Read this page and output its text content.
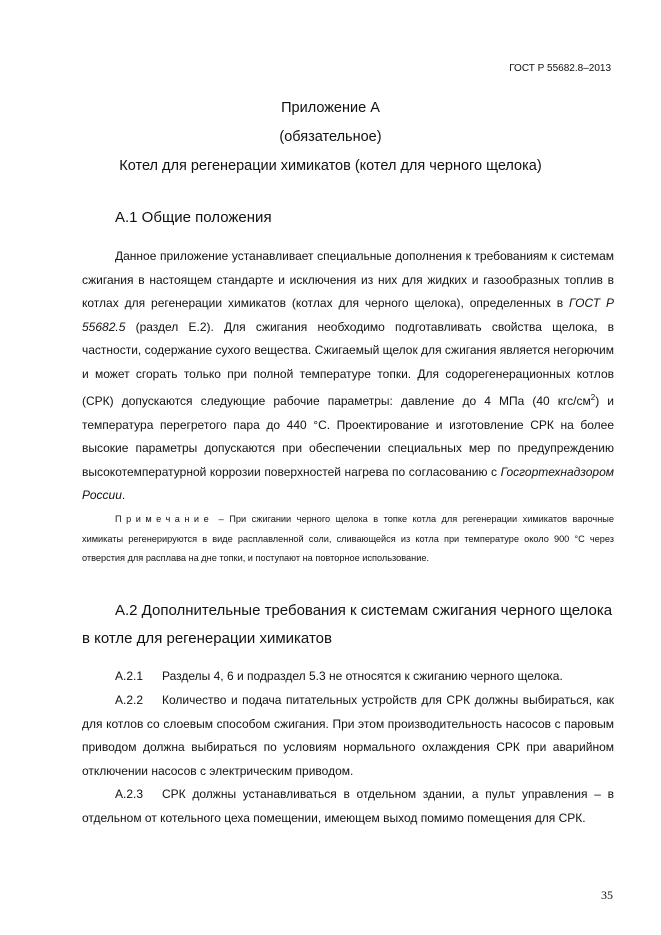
ГОСТ Р 55682.8–2013
Приложение А
(обязательное)
Котел для регенерации химикатов (котел для черного щелока)
А.1 Общие положения
Данное приложение устанавливает специальные дополнения к требованиям к системам сжигания в настоящем стандарте и исключения из них для жидких и газообразных топлив в котлах для регенерации химикатов (котлах для черного щелока), определенных в ГОСТ Р 55682.5 (раздел Е.2). Для сжигания необходимо подготавливать свойства щелока, в частности, содержание сухого вещества. Сжигаемый щелок для сжигания является негорючим и может сгорать только при полной температуре топки. Для содорегенерационных котлов (СРК) допускаются следующие рабочие параметры: давление до 4 МПа (40 кгс/$см^2$) и температура перегретого пара до 440 °С. Проектирование и изготовление СРК на более высокие параметры допускаются при обеспечении специальных мер по предупреждению высокотемпературной коррозии поверхностей нагрева по согласованию с Госгортехнадзором России.
Примечание – При сжигании черного щелока в топке котла для регенерации химикатов варочные химикаты регенерируются в виде расплавленной соли, сливающейся из котла при температуре около 900 °С через отверстия для расплава на дне топки, и поступают на повторное использование.
А.2 Дополнительные требования к системам сжигания черного щелока в котле для регенерации химикатов
А.2.1 Разделы 4, 6 и подраздел 5.3 не относятся к сжиганию черного щелока.
А.2.2 Количество и подача питательных устройств для СРК должны выбираться, как для котлов со слоевым способом сжигания. При этом производительность насосов с паровым приводом должна выбираться по условиям нормального охлаждения СРК при аварийном отключении насосов с электрическим приводом.
А.2.3 СРК должны устанавливаться в отдельном здании, а пульт управления – в отдельном от котельного цеха помещении, имеющем выход помимо помещения для СРК.
35
